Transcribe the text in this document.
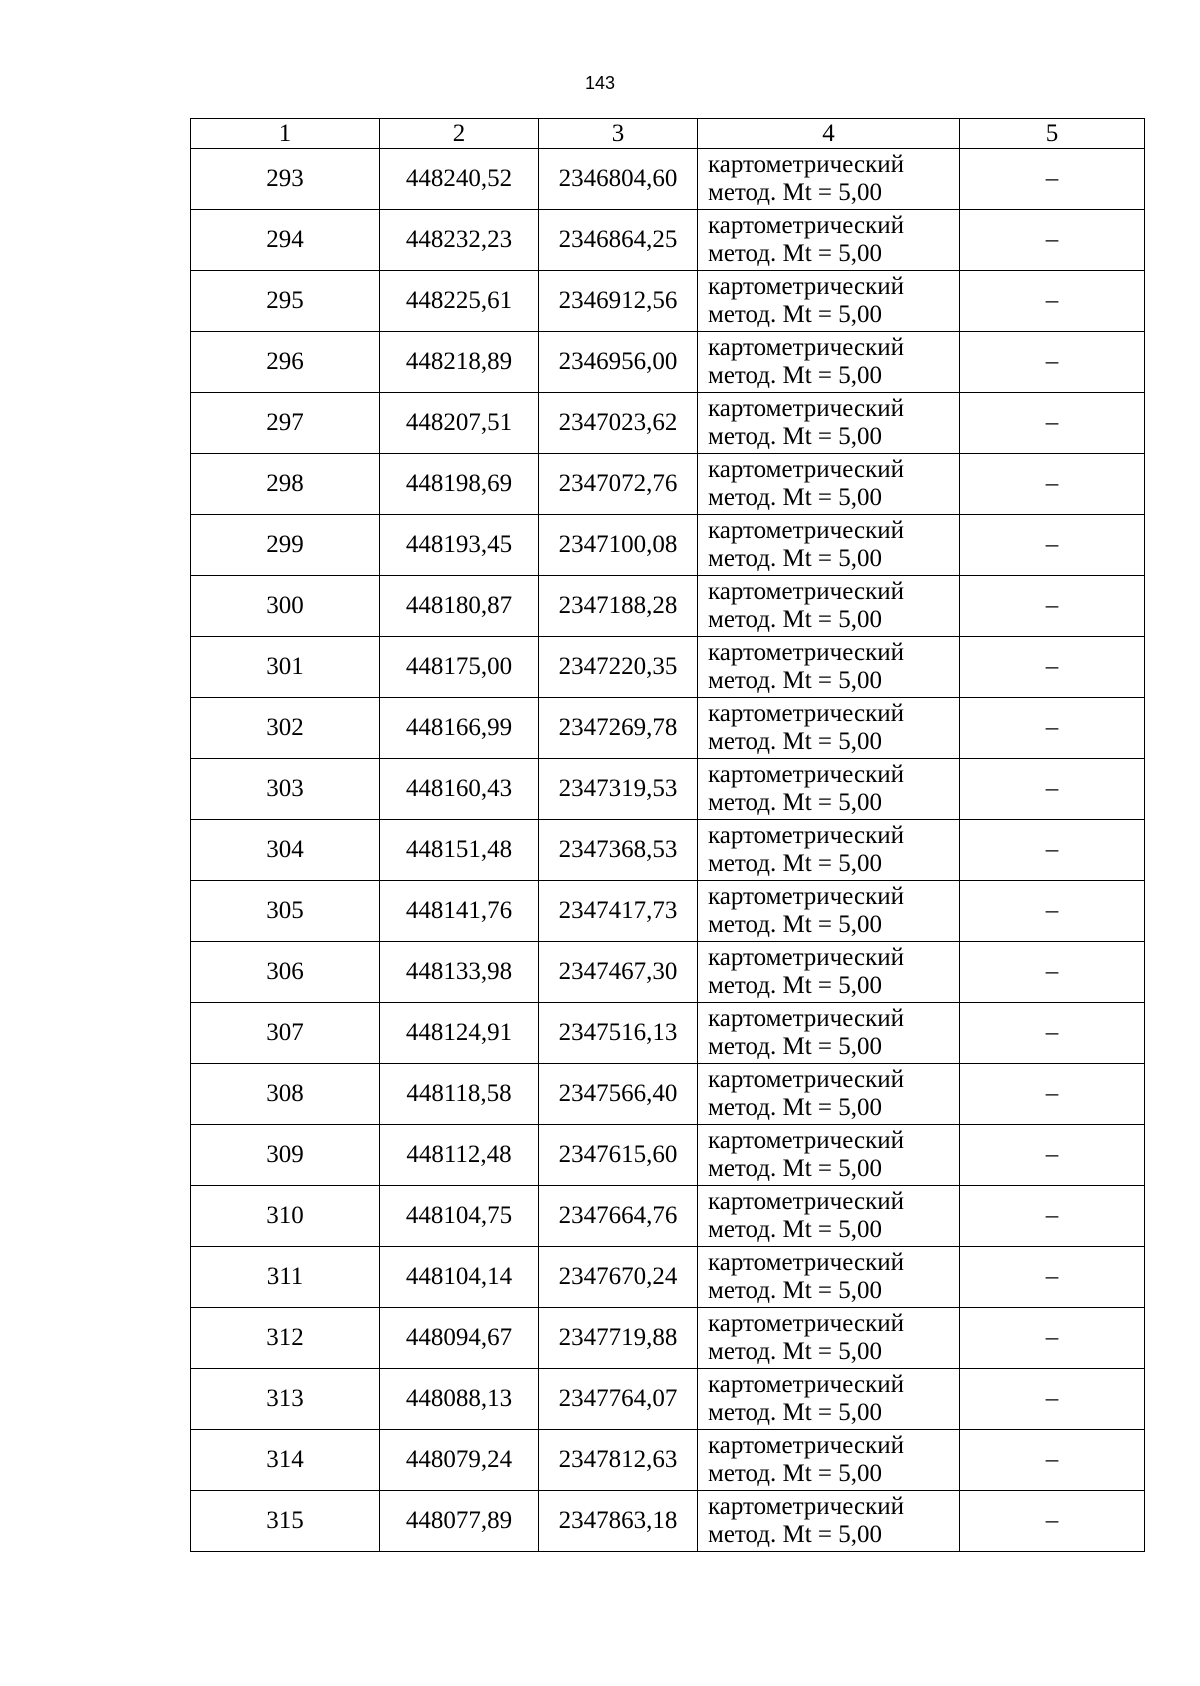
143
1	2	3	4	5
293	448240,52	2346804,60	картометрический
метод. Mt = 5,00	–
294	448232,23	2346864,25	картометрический
метод. Mt = 5,00	–
295	448225,61	2346912,56	картометрический
метод. Mt = 5,00	–
296	448218,89	2346956,00	картометрический
метод. Mt = 5,00	–
297	448207,51	2347023,62	картометрический
метод. Mt = 5,00	–
298	448198,69	2347072,76	картометрический
метод. Mt = 5,00	–
299	448193,45	2347100,08	картометрический
метод. Mt = 5,00	–
300	448180,87	2347188,28	картометрический
метод. Mt = 5,00	–
301	448175,00	2347220,35	картометрический
метод. Mt = 5,00	–
302	448166,99	2347269,78	картометрический
метод. Mt = 5,00	–
303	448160,43	2347319,53	картометрический
метод. Mt = 5,00	–
304	448151,48	2347368,53	картометрический
метод. Mt = 5,00	–
305	448141,76	2347417,73	картометрический
метод. Mt = 5,00	–
306	448133,98	2347467,30	картометрический
метод. Mt = 5,00	–
307	448124,91	2347516,13	картометрический
метод. Mt = 5,00	–
308	448118,58	2347566,40	картометрический
метод. Mt = 5,00	–
309	448112,48	2347615,60	картометрический
метод. Mt = 5,00	–
310	448104,75	2347664,76	картометрический
метод. Mt = 5,00	–
311	448104,14	2347670,24	картометрический
метод. Mt = 5,00	–
312	448094,67	2347719,88	картометрический
метод. Mt = 5,00	–
313	448088,13	2347764,07	картометрический
метод. Mt = 5,00	–
314	448079,24	2347812,63	картометрический
метод. Mt = 5,00	–
315	448077,89	2347863,18	картометрический
метод. Mt = 5,00	–
